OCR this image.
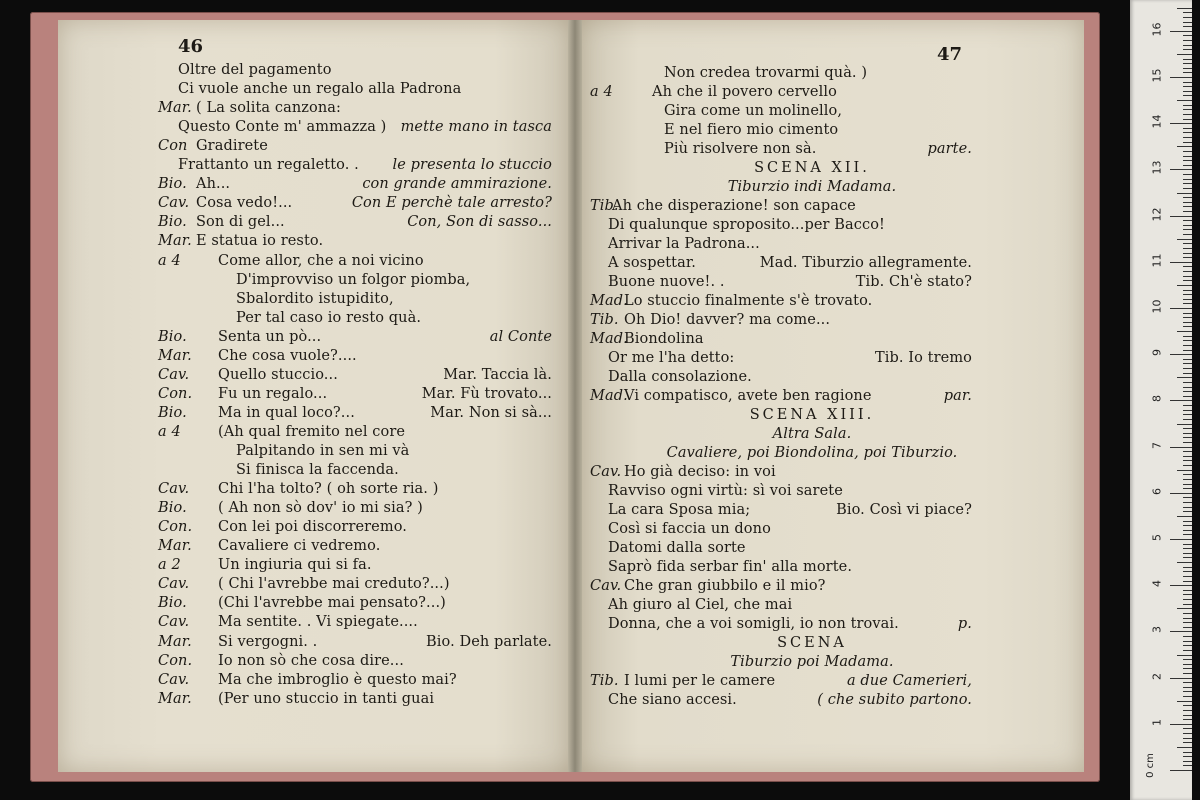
Oltre del pagamento
Ci vuole anche un regalo alla Padrona
Mar. ( La solita canzona:
Questo Conte m' ammazza ) mette mano in tasca
Con Gradirete
Frattanto un regaletto. . le presenta lo stuccio
Bio. Ah...	con grande ammirazione.
Cav. Cosa vedo!...	Con E perchè tale arresto?
Bio. Son di gel...	Con, Son di sasso...
Mar. E statua io resto.
a 4	Come allor, che a noi vicino
D'improvviso un folgor piomba,
Sbalordito istupidito,
Per tal caso io resto quà.
Bio. Senta un pò...	al Conte
Mar. Che cosa vuole?....
Cav. Quello stuccio...	Mar. Taccia là.
Con. Fu un regalo...	Mar. Fù trovato...
Bio. Ma in qual loco?...	Mar. Non si sà...
a 4	(Ah qual fremito nel core
Palpitando in sen mi và
Si finisca la faccenda.
Cav. Chi l'ha tolto? ( oh sorte ria. )
Bio. ( Ah non sò dov' io mi sia? )
Con. Con lei poi discorreremo.
Mar. Cavaliere ci vedremo.
a 2	Un ingiuria qui si fa.
Cav. ( Chi l'avrebbe mai creduto?...)
Bio. (Chi l'avrebbe mai pensato?...)
Cav. Ma sentite. . Vi spiegate....
Mar. Si vergogni. .	Bio. Deh parlate.
Con. Io non sò che cosa dire...
Cav. Ma che imbroglio è questo mai?
Mar. (Per uno stuccio in tanti guai
Non credea trovarmi quà. )
a 4	Ah che il povero cervello
Gira come un molinello,
E nel fiero mio cimento
Più risolvere non sà.	parte.
SCENA XII.
Tiburzio indi Madama.
Tib.
Ah che disperazione! son capace
Di qualunque sproposito...per Bacco!
Arrivar la Padrona...
A sospettar.	Mad. Tiburzio allegramente.
Buone nuove!. .	Tib. Ch'è stato?
Mad.
Lo stuccio finalmente s'è trovato.
Tib. Oh Dio! davver? ma come...
Mad.
Biondolina
Or me l'ha detto:	Tib. Io tremo
Dalla consolazione.
Mad.
Vi compatisco, avete ben ragione	par.
SCENA XIII.
Altra Sala.
Cavaliere, poi Biondolina, poi Tiburzio.
Cav. Ho già deciso: in voi
Ravviso ogni virtù: sì voi sarete
La cara Sposa mia;	Bio. Così vi piace?
Così si faccia un dono
Datomi dalla sorte
Saprò fida serbar fin' alla morte.
Cav. Che gran giubbilo e il mio?
Ah giuro al Ciel, che mai
Donna, che a voi somigli, io non trovai.	p.
SCENA
Tiburzio poi Madama.
Tib. I lumi per le camere	a due Camerieri,
Che siano accesi.	( che subito partono.
46	47
0 cm
16
15
14
13
12
11
10
9
8
7
6
5
4
3
2
1
